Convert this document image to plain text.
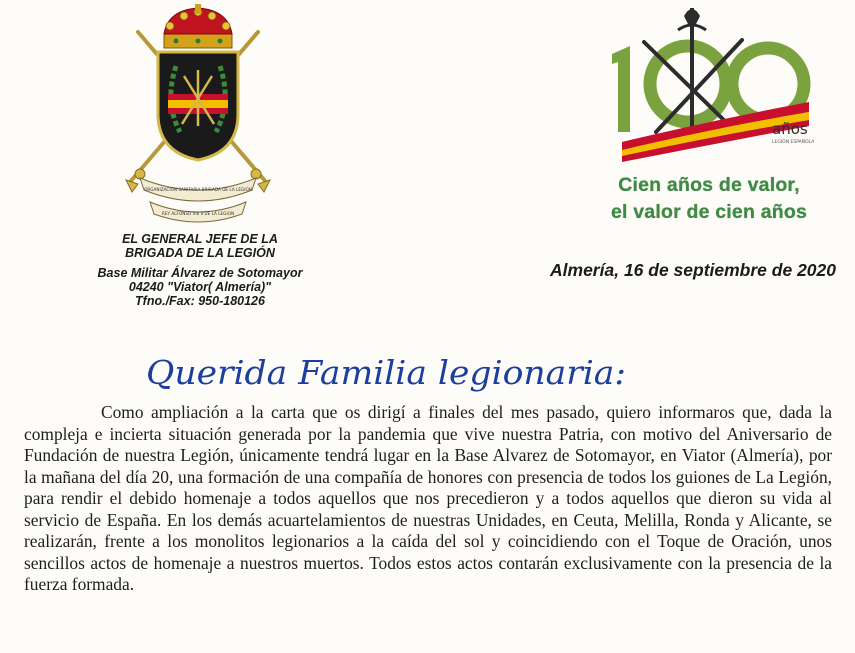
ORGANIZACION SANITARIA BRIGADA DE LA LEGION
REY ALFONSO XIII II DE LA LEGION
EL GENERAL JEFE DE LA
BRIGADA DE LA LEGIÓN
Base Militar Álvarez de Sotomayor
04240 "Viator( Almería)"
Tfno./Fax: 950-180126
años
LEGIÓN ESPAÑOLA
Cien años de valor,
el valor de cien años
Almería, 16 de septiembre de 2020
Querida Familia legionaria:

Como ampliación a la carta que os dirigí a finales del mes pasado, quiero informaros que, dada la compleja e incierta situación generada por la pandemia que vive nuestra Patria, con motivo del Aniversario de Fundación de nuestra Legión, únicamente tendrá lugar en la Base Alvarez de Sotomayor, en Viator (Almería), por la mañana del día 20, una formación de una compañía de honores con presencia de todos los guiones de La Legión, para rendir el debido homenaje a todos aquellos que nos precedieron y a todos aquellos que dieron su vida al servicio de España. En los demás acuartelamientos de nuestras Unidades, en Ceuta, Melilla, Ronda y Alicante, se realizarán, frente a los monolitos legionarios a la caída del sol y coincidiendo con el Toque de Oración, unos sencillos actos de homenaje a nuestros muertos. Todos estos actos contarán exclusivamente con la presencia de la fuerza formada.
